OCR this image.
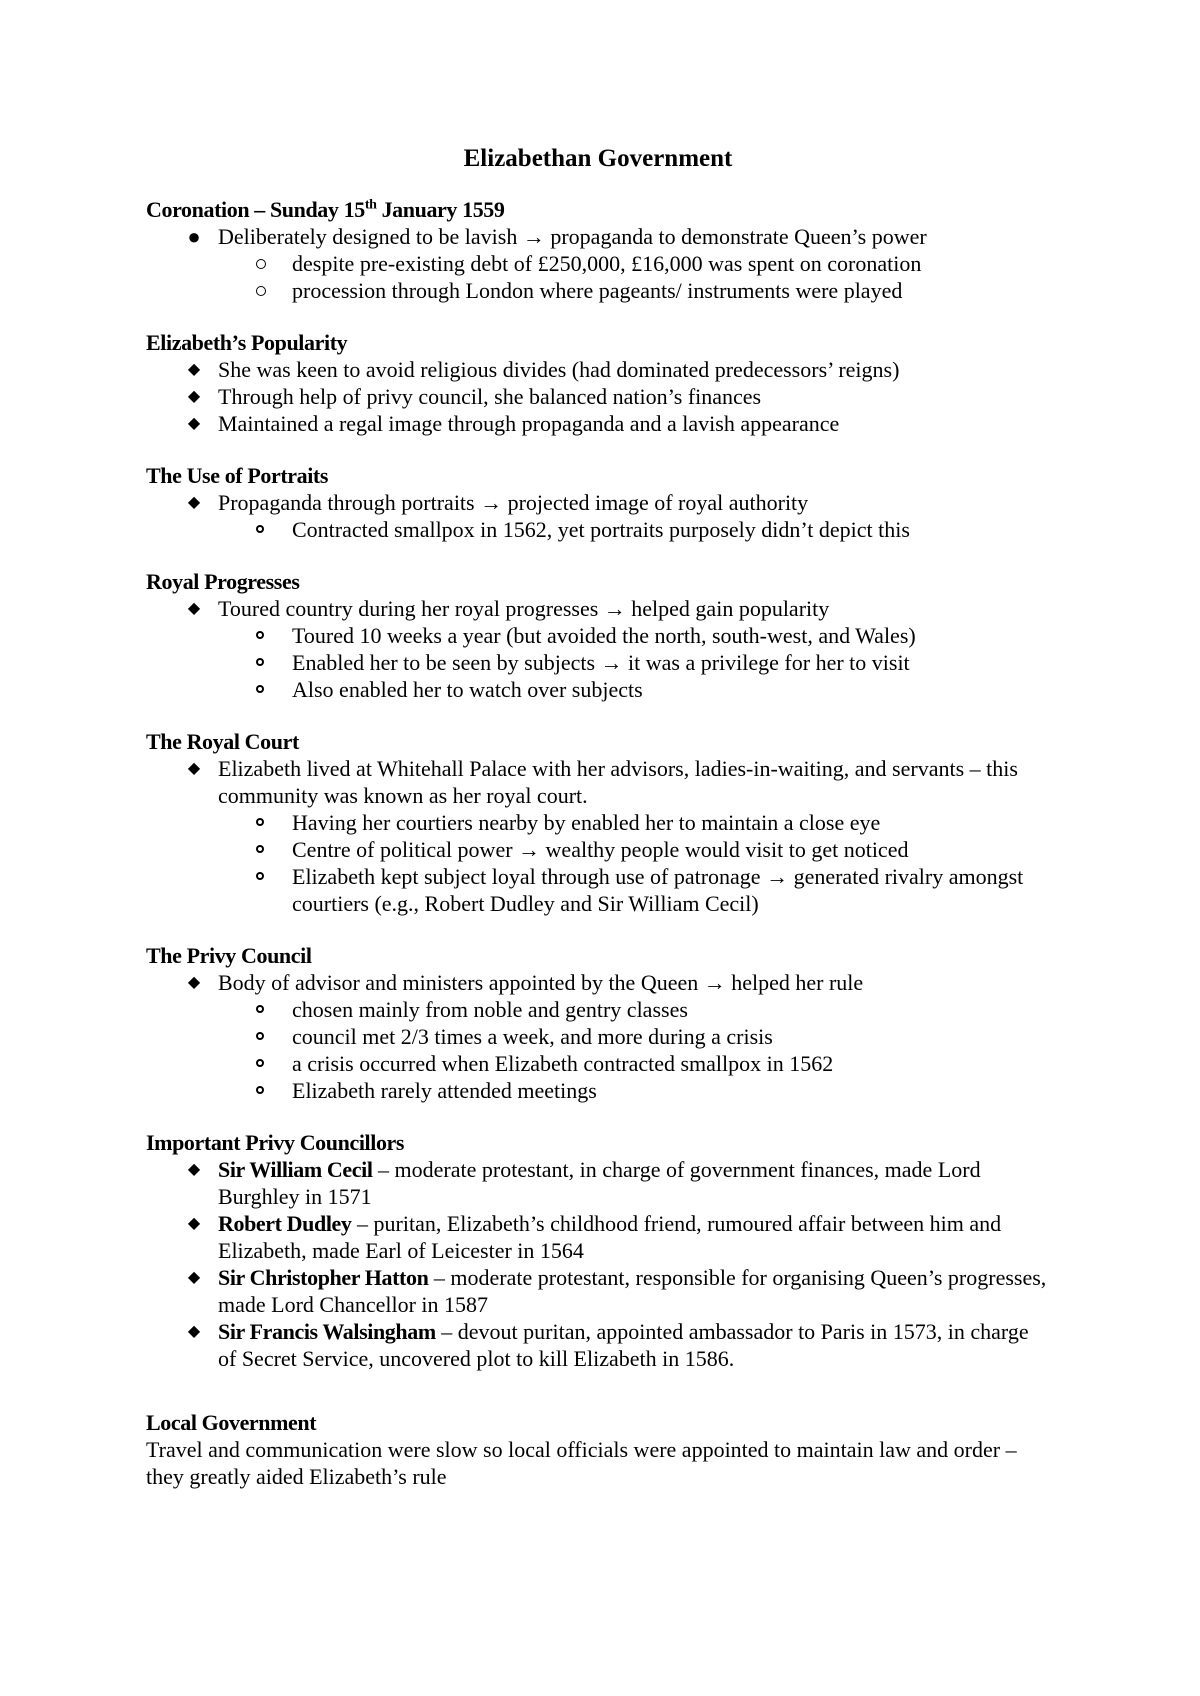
Elizabethan Government

Coronation – Sunday 15th January 1559

● Deliberately designed to be lavish → propaganda to demonstrate Queen’s power
despite pre-existing debt of £250,000, £16,000 was spent on coronation
procession through London where pageants/ instruments were played

Elizabeth’s Popularity

◆ She was keen to avoid religious divides (had dominated predecessors’ reigns)
◆ Through help of privy council, she balanced nation’s finances
◆ Maintained a regal image through propaganda and a lavish appearance

The Use of Portraits

◆ Propaganda through portraits → projected image of royal authority
Contracted smallpox in 1562, yet portraits purposely didn’t depict this

Royal Progresses

◆ Toured country during her royal progresses → helped gain popularity
Toured 10 weeks a year (but avoided the north, south-west, and Wales)
Enabled her to be seen by subjects → it was a privilege for her to visit
Also enabled her to watch over subjects

The Royal Court

◆ Elizabeth lived at Whitehall Palace with her advisors, ladies-in-waiting, and servants – this community was known as her royal court.
Having her courtiers nearby by enabled her to maintain a close eye
Centre of political power → wealthy people would visit to get noticed
Elizabeth kept subject loyal through use of patronage → generated rivalry amongst courtiers (e.g., Robert Dudley and Sir William Cecil)

The Privy Council

◆ Body of advisor and ministers appointed by the Queen → helped her rule
chosen mainly from noble and gentry classes
council met 2/3 times a week, and more during a crisis
a crisis occurred when Elizabeth contracted smallpox in 1562
Elizabeth rarely attended meetings

Important Privy Councillors

◆ Sir William Cecil – moderate protestant, in charge of government finances, made Lord Burghley in 1571
◆ Robert Dudley – puritan, Elizabeth’s childhood friend, rumoured affair between him and Elizabeth, made Earl of Leicester in 1564
◆ Sir Christopher Hatton – moderate protestant, responsible for organising Queen’s progresses, made Lord Chancellor in 1587
◆ Sir Francis Walsingham – devout puritan, appointed ambassador to Paris in 1573, in charge of Secret Service, uncovered plot to kill Elizabeth in 1586.

Local Government

Travel and communication were slow so local officials were appointed to maintain law and order – they greatly aided Elizabeth’s rule
